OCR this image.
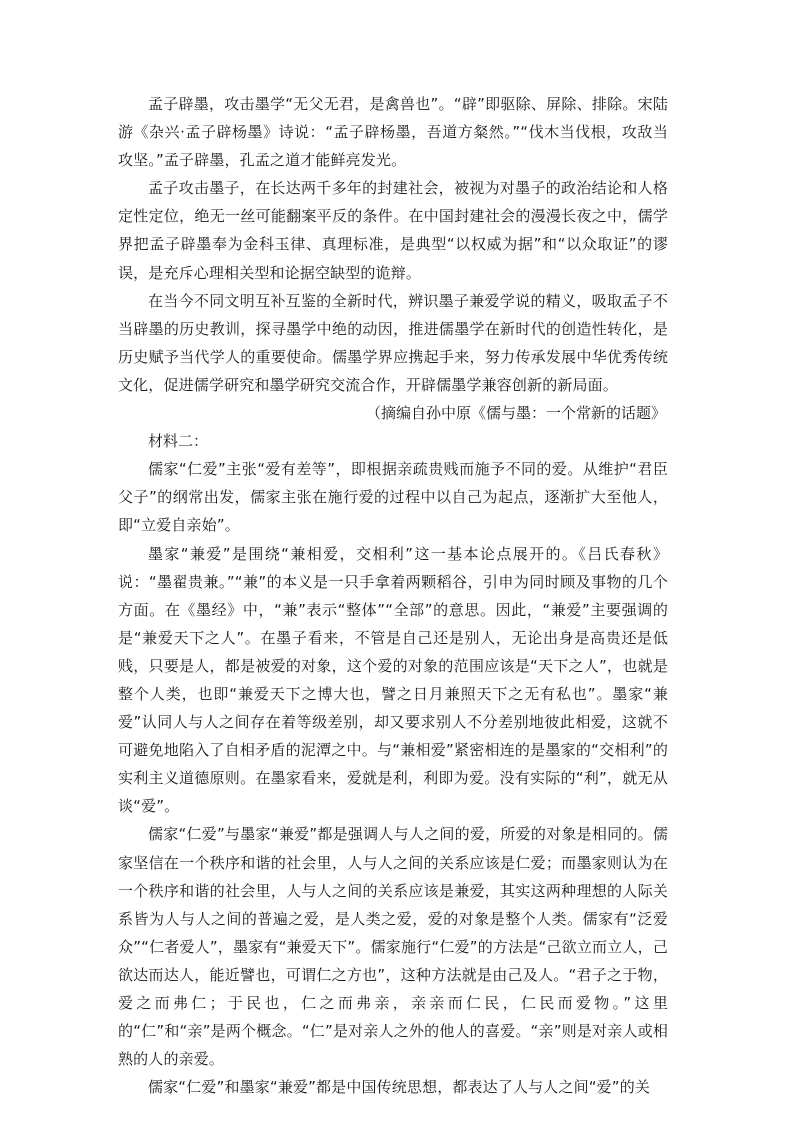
孟子辟墨，攻击墨学“无父无君，是禽兽也”。“辟”即驱除、屏除、排除。宋陆游《杂兴·孟子辟杨墨》诗说：“孟子辟杨墨，吾道方粲然。”“伐木当伐根，攻敌当攻坚。”孟子辟墨，孔孟之道才能鲜亮发光。

孟子攻击墨子，在长达两千多年的封建社会，被视为对墨子的政治结论和人格定性定位，绝无一丝可能翻案平反的条件。在中国封建社会的漫漫长夜之中，儒学界把孟子辟墨奉为金科玉律、真理标准，是典型“以权威为据”和“以众取证”的谬误，是充斥心理相关型和论据空缺型的诡辩。

在当今不同文明互补互鉴的全新时代，辨识墨子兼爱学说的精义，吸取孟子不当辟墨的历史教训，探寻墨学中绝的动因，推进儒墨学在新时代的创造性转化，是历史赋予当代学人的重要使命。儒墨学界应携起手来，努力传承发展中华优秀传统文化，促进儒学研究和墨学研究交流合作，开辟儒墨学兼容创新的新局面。

（摘编自孙中原《儒与墨：一个常新的话题》

材料二：

儒家“仁爱”主张“爱有差等”，即根据亲疏贵贱而施予不同的爱。从维护“君臣父子”的纲常出发，儒家主张在施行爱的过程中以自己为起点，逐渐扩大至他人，即“立爱自亲始”。

墨家“兼爱”是围绕“兼相爱，交相利”这一基本论点展开的。《吕氏春秋》说：“墨翟贵兼。”“兼”的本义是一只手拿着两颗稻谷，引申为同时顾及事物的几个方面。在《墨经》中，“兼”表示“整体”“全部”的意思。因此，“兼爱”主要强调的是“兼爱天下之人”。在墨子看来，不管是自己还是别人，无论出身是高贵还是低贱，只要是人，都是被爱的对象，这个爱的对象的范围应该是“天下之人”，也就是整个人类，也即“兼爱天下之博大也，譬之日月兼照天下之无有私也”。墨家“兼爱”认同人与人之间存在着等级差别，却又要求别人不分差别地彼此相爱，这就不可避免地陷入了自相矛盾的泥潭之中。与“兼相爱”紧密相连的是墨家的“交相利”的实利主义道德原则。在墨家看来，爱就是利，利即为爱。没有实际的“利”，就无从谈“爱”。

儒家“仁爱”与墨家“兼爱”都是强调人与人之间的爱，所爱的对象是相同的。儒家坚信在一个秩序和谐的社会里，人与人之间的关系应该是仁爱；而墨家则认为在一个秩序和谐的社会里，人与人之间的关系应该是兼爱，其实这两种理想的人际关系皆为人与人之间的普遍之爱，是人类之爱，爱的对象是整个人类。儒家有“泛爱众”“仁者爱人”，墨家有“兼爱天下”。儒家施行“仁爱”的方法是“己欲立而立人，己欲达而达人，能近譬也，可谓仁之方也”，这种方法就是由己及人。“君子之于物，爱之而弗仁；于民也，仁之而弗亲，亲亲而仁民，仁民而爱物。”这里的“仁”和“亲”是两个概念。“仁”是对亲人之外的他人的喜爱。“亲”则是对亲人或相熟的人的亲爱。

儒家“仁爱”和墨家“兼爱”都是中国传统思想，都表达了人与人之间“爱”的关
